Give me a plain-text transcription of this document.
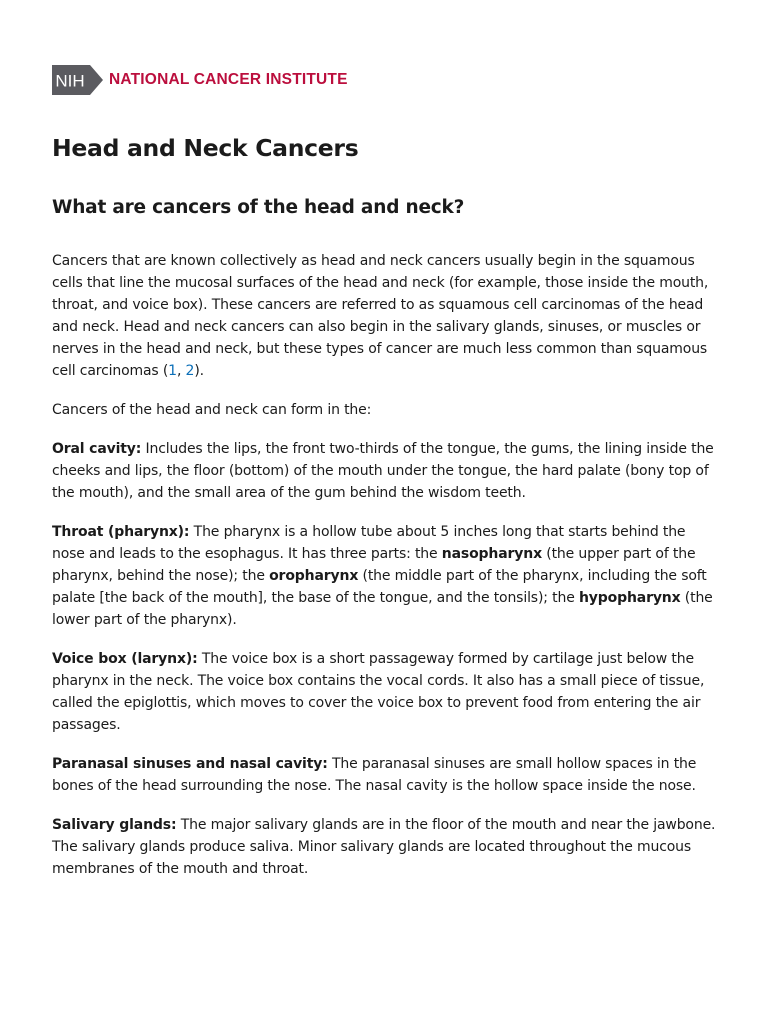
NIH NATIONAL CANCER INSTITUTE
Head and Neck Cancers
What are cancers of the head and neck?

Cancers that are known collectively as head and neck cancers usually begin in the squamous cells that line the mucosal surfaces of the head and neck (for example, those inside the mouth, throat, and voice box). These cancers are referred to as squamous cell carcinomas of the head and neck. Head and neck cancers can also begin in the salivary glands, sinuses, or muscles or nerves in the head and neck, but these types of cancer are much less common than squamous cell carcinomas (1, 2).

Cancers of the head and neck can form in the:

Oral cavity: Includes the lips, the front two-thirds of the tongue, the gums, the lining inside the cheeks and lips, the floor (bottom) of the mouth under the tongue, the hard palate (bony top of the mouth), and the small area of the gum behind the wisdom teeth.

Throat (pharynx): The pharynx is a hollow tube about 5 inches long that starts behind the nose and leads to the esophagus. It has three parts: the nasopharynx (the upper part of the pharynx, behind the nose); the oropharynx (the middle part of the pharynx, including the soft palate [the back of the mouth], the base of the tongue, and the tonsils); the hypopharynx (the lower part of the pharynx).

Voice box (larynx): The voice box is a short passageway formed by cartilage just below the pharynx in the neck. The voice box contains the vocal cords. It also has a small piece of tissue, called the epiglottis, which moves to cover the voice box to prevent food from entering the air passages.

Paranasal sinuses and nasal cavity: The paranasal sinuses are small hollow spaces in the bones of the head surrounding the nose. The nasal cavity is the hollow space inside the nose.

Salivary glands: The major salivary glands are in the floor of the mouth and near the jawbone. The salivary glands produce saliva. Minor salivary glands are located throughout the mucous membranes of the mouth and throat.
